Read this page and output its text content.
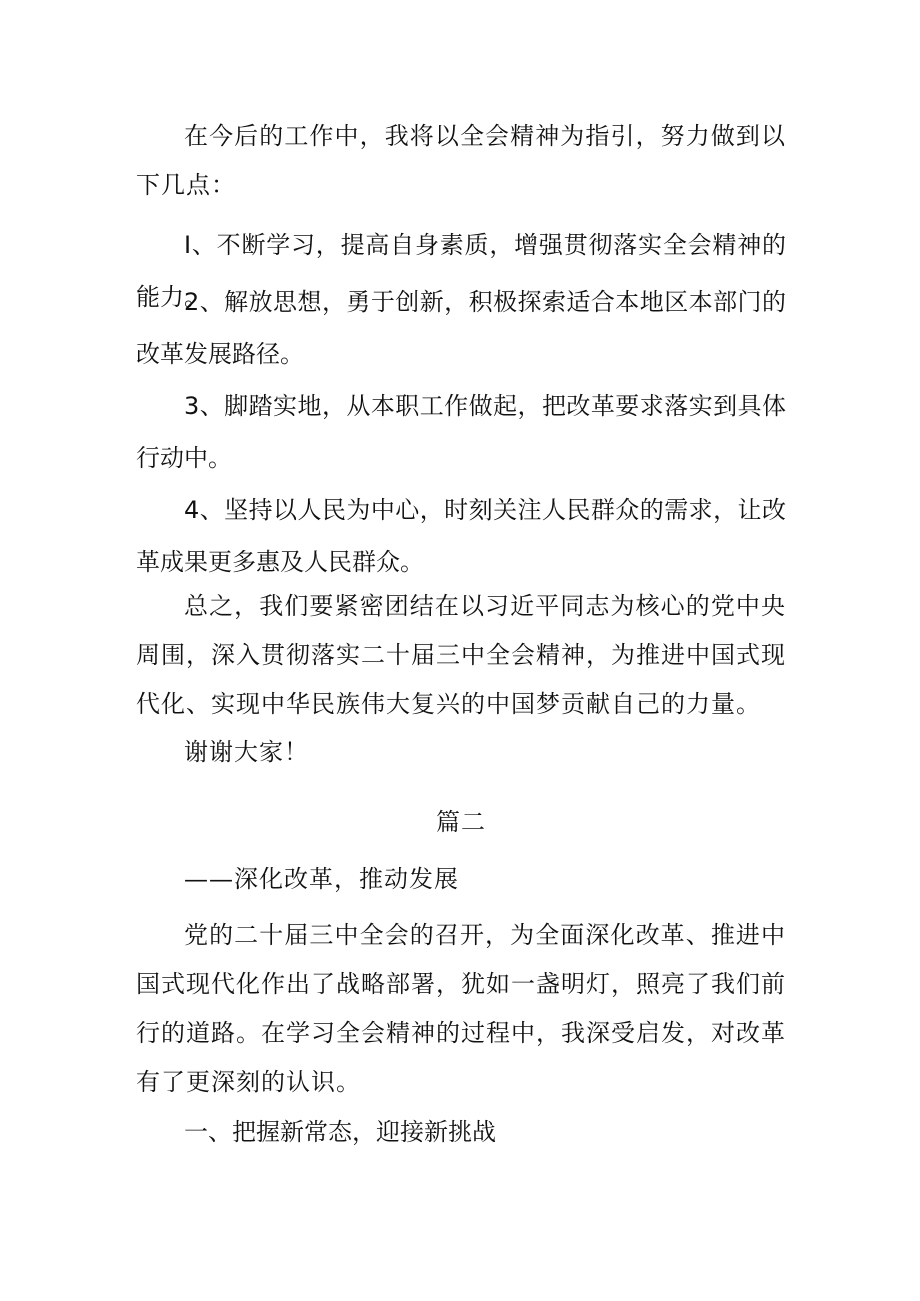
在今后的工作中，我将以全会精神为指引，努力做到以下几点：

I、不断学习，提高自身素质，增强贯彻落实全会精神的能力。

2、解放思想，勇于创新，积极探索适合本地区本部门的改革发展路径。

3、脚踏实地，从本职工作做起，把改革要求落实到具体行动中。

4、坚持以人民为中心，时刻关注人民群众的需求，让改革成果更多惠及人民群众。

总之，我们要紧密团结在以习近平同志为核心的党中央周围，深入贯彻落实二十届三中全会精神，为推进中国式现代化、实现中华民族伟大复兴的中国梦贡献自己的力量。

谢谢大家！

篇二

——深化改革，推动发展

党的二十届三中全会的召开，为全面深化改革、推进中国式现代化作出了战略部署，犹如一盏明灯，照亮了我们前行的道路。在学习全会精神的过程中，我深受启发，对改革有了更深刻的认识。

一、把握新常态，迎接新挑战
